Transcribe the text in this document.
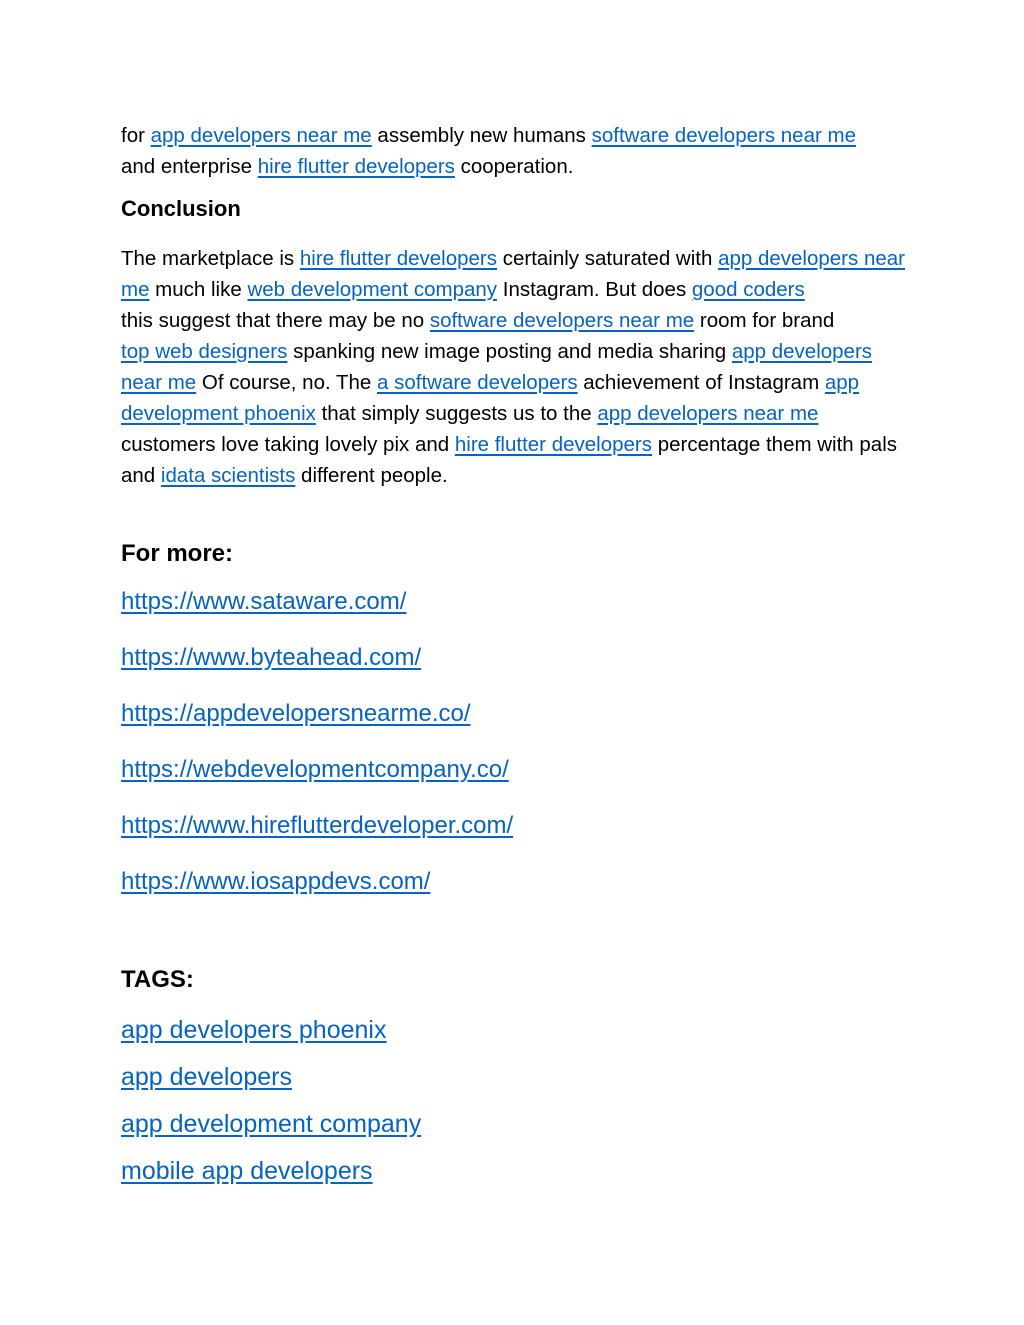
for app developers near me assembly new humans software developers near me
and enterprise hire flutter developers cooperation.

Conclusion

The marketplace is hire flutter developers certainly saturated with app developers near me much like web development company Instagram. But does good coders
this suggest that there may be no software developers near me room for brand
top web designers spanking new image posting and media sharing app developers near me Of course, no. The a software developers achievement of Instagram app development phoenix that simply suggests us to the app developers near me
customers love taking lovely pix and hire flutter developers percentage them with pals and idata scientists different people.

For more:
https://www.sataware.com/
https://www.byteahead.com/
https://appdevelopersnearme.co/
https://webdevelopmentcompany.co/
https://www.hireflutterdeveloper.com/
https://www.iosappdevs.com/
TAGS:
app developers phoenix
app developers
app development company
mobile app developers
